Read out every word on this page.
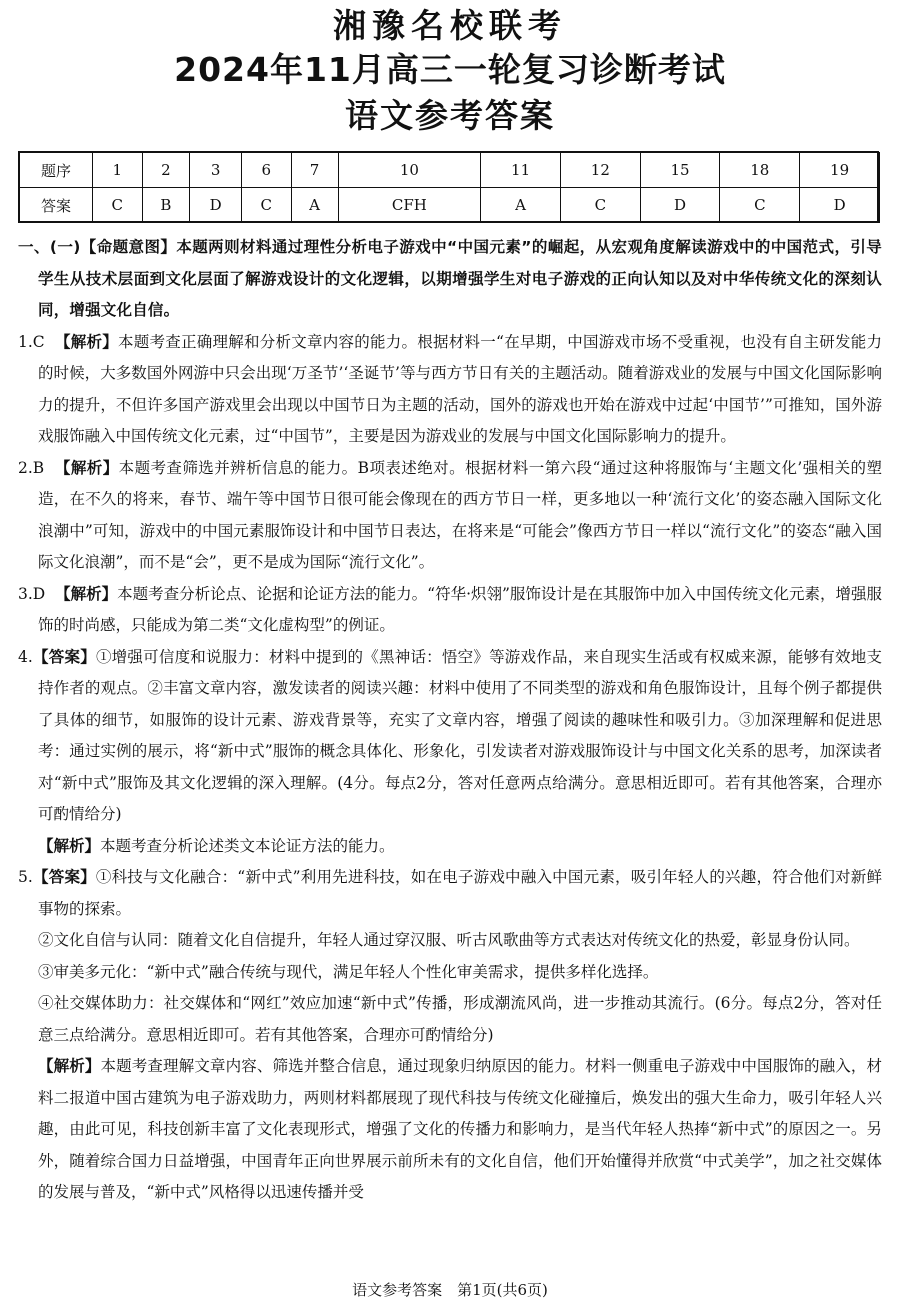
湘豫名校联考
2024年11月高三一轮复习诊断考试
语文参考答案
题序	1	2	3	6	7	10	11	12	15	18	19
答案	C	B	D	C	A	CFH	A	C	D	C	D

一、(一)【命题意图】本题两则材料通过理性分析电子游戏中“中国元素”的崛起，从宏观角度解读游戏中的中国范式，引导学生从技术层面到文化层面了解游戏设计的文化逻辑，以期增强学生对电子游戏的正向认知以及对中华传统文化的深刻认同，增强文化自信。

1.C 【解析】本题考查正确理解和分析文章内容的能力。根据材料一“在早期，中国游戏市场不受重视，也没有自主研发能力的时候，大多数国外网游中只会出现‘万圣节’‘圣诞节’等与西方节日有关的主题活动。随着游戏业的发展与中国文化国际影响力的提升，不但许多国产游戏里会出现以中国节日为主题的活动，国外的游戏也开始在游戏中过起‘中国节’”可推知，国外游戏服饰融入中国传统文化元素，过“中国节”，主要是因为游戏业的发展与中国文化国际影响力的提升。

2.B 【解析】本题考查筛选并辨析信息的能力。B项表述绝对。根据材料一第六段“通过这种将服饰与‘主题文化’强相关的塑造，在不久的将来，春节、端午等中国节日很可能会像现在的西方节日一样，更多地以一种‘流行文化’的姿态融入国际文化浪潮中”可知，游戏中的中国元素服饰设计和中国节日表达，在将来是“可能会”像西方节日一样以“流行文化”的姿态“融入国际文化浪潮”，而不是“会”，更不是成为国际“流行文化”。

3.D 【解析】本题考查分析论点、论据和论证方法的能力。“符华·炽翎”服饰设计是在其服饰中加入中国传统文化元素，增强服饰的时尚感，只能成为第二类“文化虚构型”的例证。

4.【答案】①增强可信度和说服力：材料中提到的《黑神话：悟空》等游戏作品，来自现实生活或有权威来源，能够有效地支持作者的观点。②丰富文章内容，激发读者的阅读兴趣：材料中使用了不同类型的游戏和角色服饰设计，且每个例子都提供了具体的细节，如服饰的设计元素、游戏背景等，充实了文章内容，增强了阅读的趣味性和吸引力。③加深理解和促进思考：通过实例的展示，将“新中式”服饰的概念具体化、形象化，引发读者对游戏服饰设计与中国文化关系的思考，加深读者对“新中式”服饰及其文化逻辑的深入理解。(4分。每点2分，答对任意两点给满分。意思相近即可。若有其他答案，合理亦可酌情给分)

【解析】本题考查分析论述类文本论证方法的能力。

5.【答案】①科技与文化融合：“新中式”利用先进科技，如在电子游戏中融入中国元素，吸引年轻人的兴趣，符合他们对新鲜事物的探索。

②文化自信与认同：随着文化自信提升，年轻人通过穿汉服、听古风歌曲等方式表达对传统文化的热爱，彰显身份认同。

③审美多元化：“新中式”融合传统与现代，满足年轻人个性化审美需求，提供多样化选择。

④社交媒体助力：社交媒体和“网红”效应加速“新中式”传播，形成潮流风尚，进一步推动其流行。(6分。每点2分，答对任意三点给满分。意思相近即可。若有其他答案，合理亦可酌情给分)

【解析】本题考查理解文章内容、筛选并整合信息，通过现象归纳原因的能力。材料一侧重电子游戏中中国服饰的融入，材料二报道中国古建筑为电子游戏助力，两则材料都展现了现代科技与传统文化碰撞后，焕发出的强大生命力，吸引年轻人兴趣，由此可见，科技创新丰富了文化表现形式，增强了文化的传播力和影响力，是当代年轻人热捧“新中式”的原因之一。另外，随着综合国力日益增强，中国青年正向世界展示前所未有的文化自信，他们开始懂得并欣赏“中式美学”，加之社交媒体的发展与普及，“新中式”风格得以迅速传播并受

语文参考答案　第1页(共6页)
